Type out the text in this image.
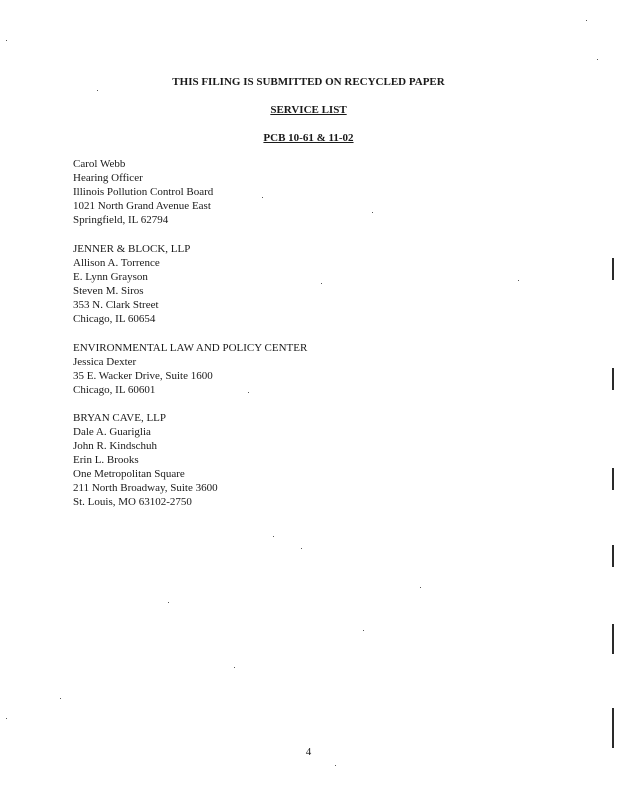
THIS FILING IS SUBMITTED ON RECYCLED PAPER
SERVICE LIST
PCB 10-61 & 11-02
Carol Webb
Hearing Officer
Illinois Pollution Control Board
1021 North Grand Avenue East
Springfield, IL 62794
JENNER & BLOCK, LLP
Allison A. Torrence
E. Lynn Grayson
Steven M. Siros
353 N. Clark Street
Chicago, IL 60654
ENVIRONMENTAL LAW AND POLICY CENTER
Jessica Dexter
35 E. Wacker Drive, Suite 1600
Chicago, IL 60601
BRYAN CAVE, LLP
Dale A. Guariglia
John R. Kindschuh
Erin L. Brooks
One Metropolitan Square
211 North Broadway, Suite 3600
St. Louis, MO 63102-2750
4
